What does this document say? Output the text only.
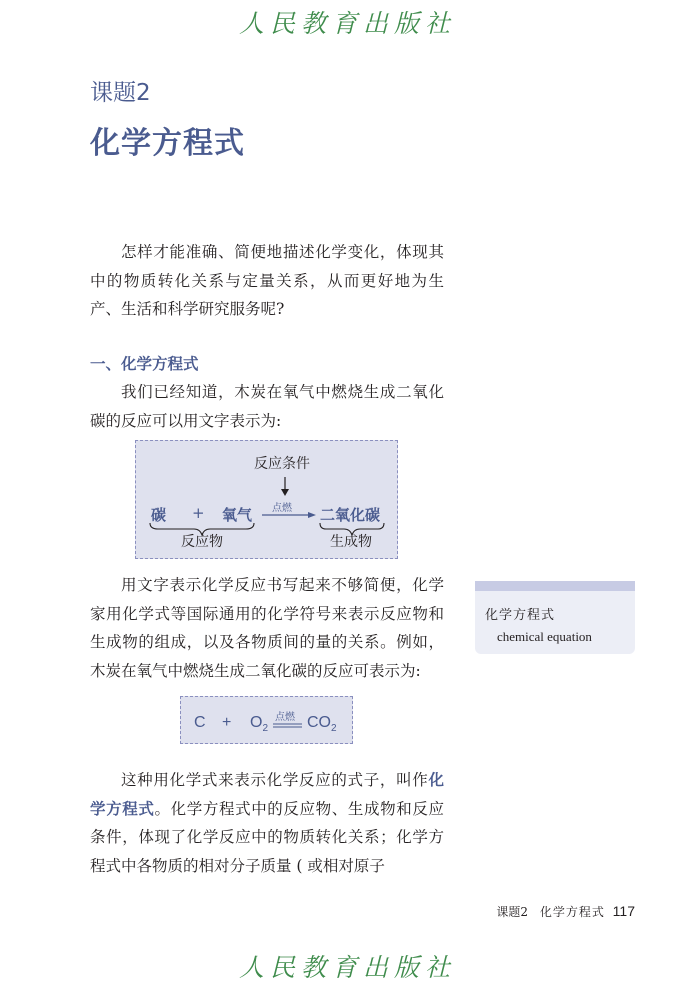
人民教育出版社
课题2
化学方程式

怎样才能准确、简便地描述化学变化，体现其中的物质转化关系与定量关系，从而更好地为生产、生活和科学研究服务呢?

一、化学方程式

我们已经知道，木炭在氧气中燃烧生成二氧化碳的反应可以用文字表示为:

反应条件
碳 + 氧气 点燃 二氧化碳
反应物	生成物

用文字表示化学反应书写起来不够简便，化学家用化学式等国际通用的化学符号来表示反应物和生成物的组成，以及各物质间的量的关系。例如，木炭在氧气中燃烧生成二氧化碳的反应可表示为:

$C + O_2$
点燃 $CO_2$

这种用化学式来表示化学反应的式子，叫作化学方程式。化学方程式中的反应物、生成物和反应条件，体现了化学反应中的物质转化关系；化学方程式中各物质的相对分子质量 ( 或相对原子

化学方程式
chemical equation
课题2 化学方程式 117
人民教育出版社
